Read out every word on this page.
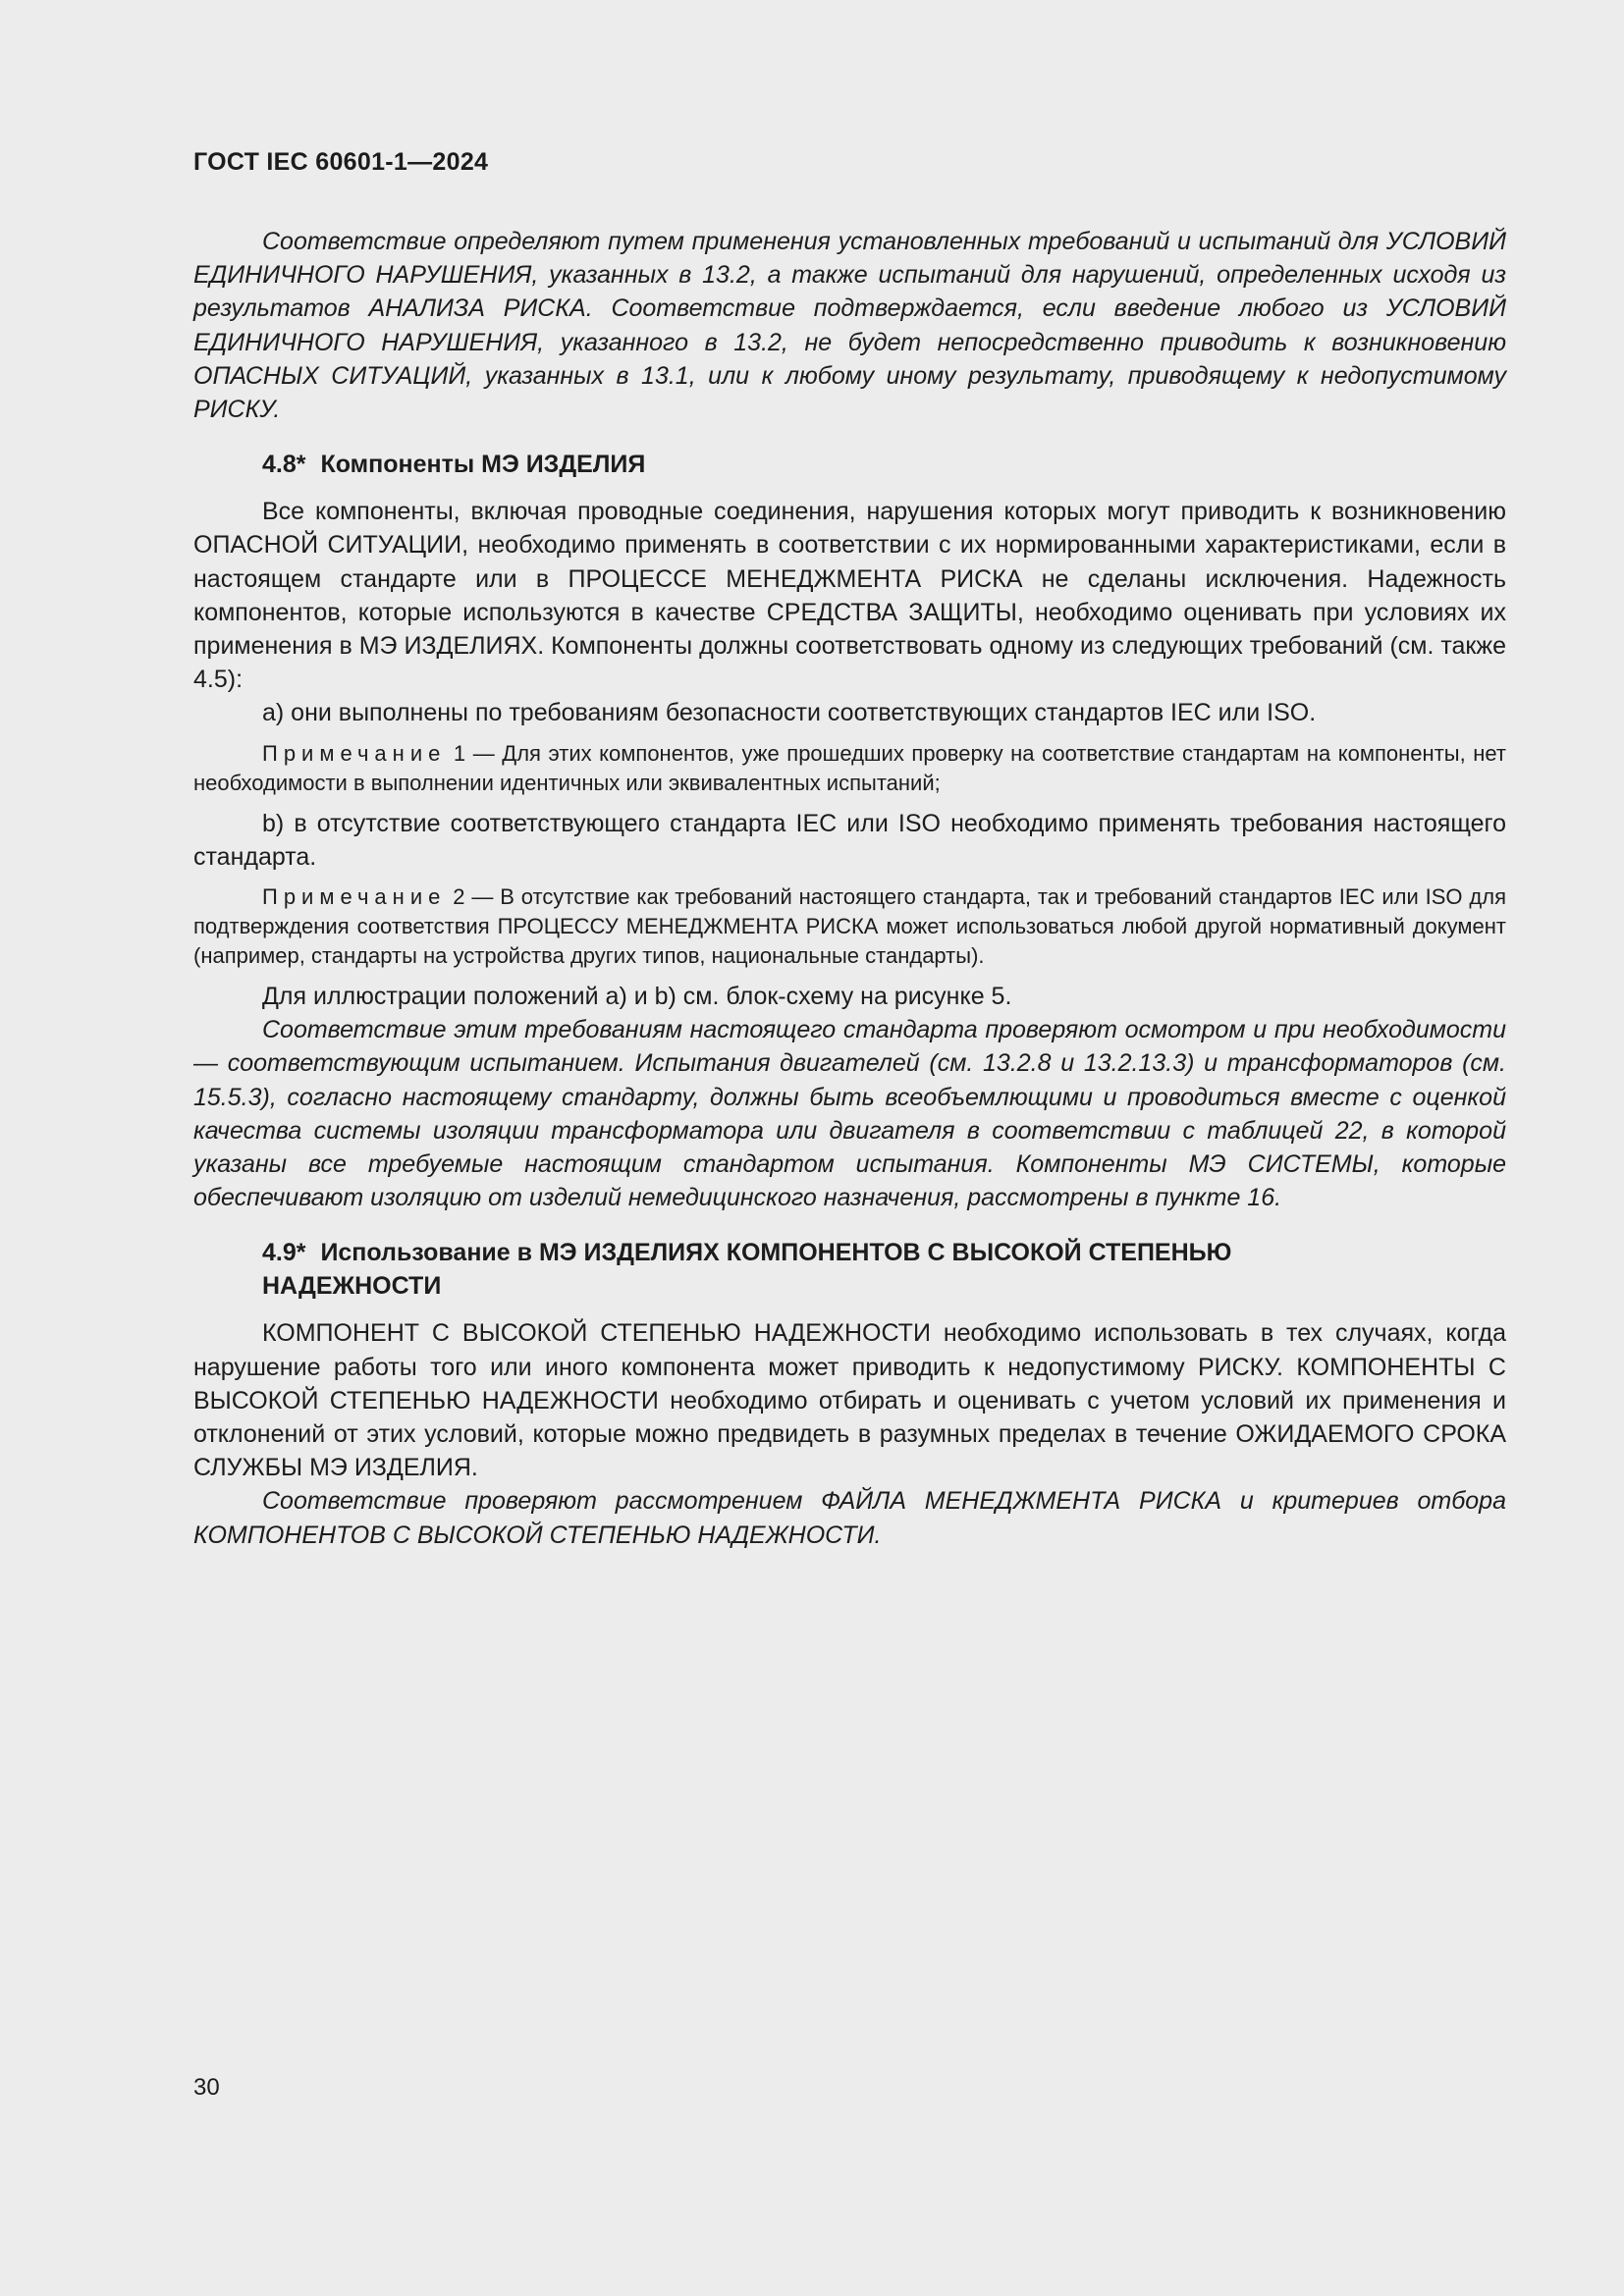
ГОСТ IEC 60601-1—2024

Соответствие определяют путем применения установленных требований и испытаний для УСЛОВИЙ ЕДИНИЧНОГО НАРУШЕНИЯ, указанных в 13.2, а также испытаний для нарушений, определенных исходя из результатов АНАЛИЗА РИСКА. Соответствие подтверждается, если введение любого из УСЛОВИЙ ЕДИНИЧНОГО НАРУШЕНИЯ, указанного в 13.2, не будет непосредственно приводить к возникновению ОПАСНЫХ СИТУАЦИЙ, указанных в 13.1, или к любому иному результату, приводящему к недопустимому РИСКУ.

4.8* Компоненты МЭ ИЗДЕЛИЯ

Все компоненты, включая проводные соединения, нарушения которых могут приводить к возникновению ОПАСНОЙ СИТУАЦИИ, необходимо применять в соответствии с их нормированными характеристиками, если в настоящем стандарте или в ПРОЦЕССЕ МЕНЕДЖМЕНТА РИСКА не сделаны исключения. Надежность компонентов, которые используются в качестве СРЕДСТВА ЗАЩИТЫ, необходимо оценивать при условиях их применения в МЭ ИЗДЕЛИЯХ. Компоненты должны соответствовать одному из следующих требований (см. также 4.5):

a) они выполнены по требованиям безопасности соответствующих стандартов IEC или ISO.

Примечание 1 — Для этих компонентов, уже прошедших проверку на соответствие стандартам на компоненты, нет необходимости в выполнении идентичных или эквивалентных испытаний;

b) в отсутствие соответствующего стандарта IEC или ISO необходимо применять требования настоящего стандарта.

Примечание 2 — В отсутствие как требований настоящего стандарта, так и требований стандартов IEC или ISO для подтверждения соответствия ПРОЦЕССУ МЕНЕДЖМЕНТА РИСКА может использоваться любой другой нормативный документ (например, стандарты на устройства других типов, национальные стандарты).

Для иллюстрации положений a) и b) см. блок-схему на рисунке 5.

Соответствие этим требованиям настоящего стандарта проверяют осмотром и при необходимости — соответствующим испытанием. Испытания двигателей (см. 13.2.8 и 13.2.13.3) и трансформаторов (см. 15.5.3), согласно настоящему стандарту, должны быть всеобъемлющими и проводиться вместе с оценкой качества системы изоляции трансформатора или двигателя в соответствии с таблицей 22, в которой указаны все требуемые настоящим стандартом испытания. Компоненты МЭ СИСТЕМЫ, которые обеспечивают изоляцию от изделий немедицинского назначения, рассмотрены в пункте 16.

4.9* Использование в МЭ ИЗДЕЛИЯХ КОМПОНЕНТОВ С ВЫСОКОЙ СТЕПЕНЬЮ
НАДЕЖНОСТИ

КОМПОНЕНТ С ВЫСОКОЙ СТЕПЕНЬЮ НАДЕЖНОСТИ необходимо использовать в тех случаях, когда нарушение работы того или иного компонента может приводить к недопустимому РИСКУ. КОМПОНЕНТЫ С ВЫСОКОЙ СТЕПЕНЬЮ НАДЕЖНОСТИ необходимо отбирать и оценивать с учетом условий их применения и отклонений от этих условий, которые можно предвидеть в разумных пределах в течение ОЖИДАЕМОГО СРОКА СЛУЖБЫ МЭ ИЗДЕЛИЯ.

Соответствие проверяют рассмотрением ФАЙЛА МЕНЕДЖМЕНТА РИСКА и критериев отбора КОМПОНЕНТОВ С ВЫСОКОЙ СТЕПЕНЬЮ НАДЕЖНОСТИ.

30
